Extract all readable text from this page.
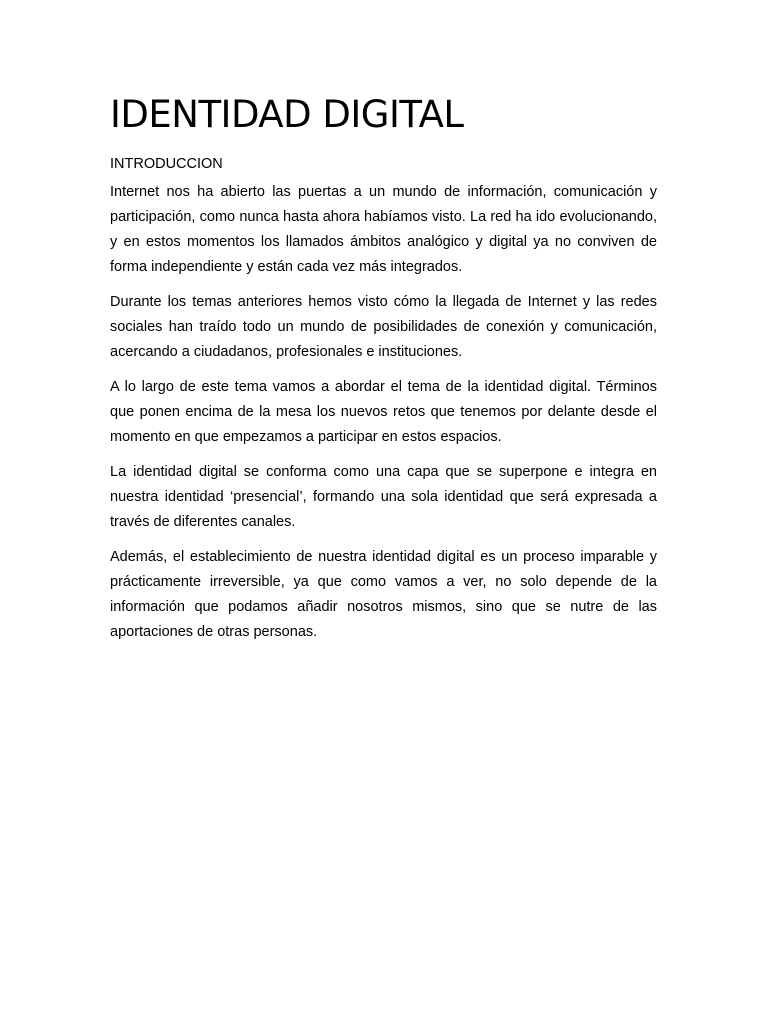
IDENTIDAD DIGITAL
INTRODUCCION

Internet nos ha abierto las puertas a un mundo de información, comunicación y participación, como nunca hasta ahora habíamos visto. La red ha ido evolucionando, y en estos momentos los llamados ámbitos analógico y digital ya no conviven de forma independiente y están cada vez más integrados.

Durante los temas anteriores hemos visto cómo la llegada de Internet y las redes sociales han traído todo un mundo de posibilidades de conexión y comunicación, acercando a ciudadanos, profesionales e instituciones.

A lo largo de este tema vamos a abordar el tema de la identidad digital. Términos que ponen encima de la mesa los nuevos retos que tenemos por delante desde el momento en que empezamos a participar en estos espacios.

La identidad digital se conforma como una capa que se superpone e integra en nuestra identidad ‘presencial’, formando una sola identidad que será expresada a través de diferentes canales.

Además, el establecimiento de nuestra identidad digital es un proceso imparable y prácticamente irreversible, ya que como vamos a ver, no solo depende de la información que podamos añadir nosotros mismos, sino que se nutre de las aportaciones de otras personas.
